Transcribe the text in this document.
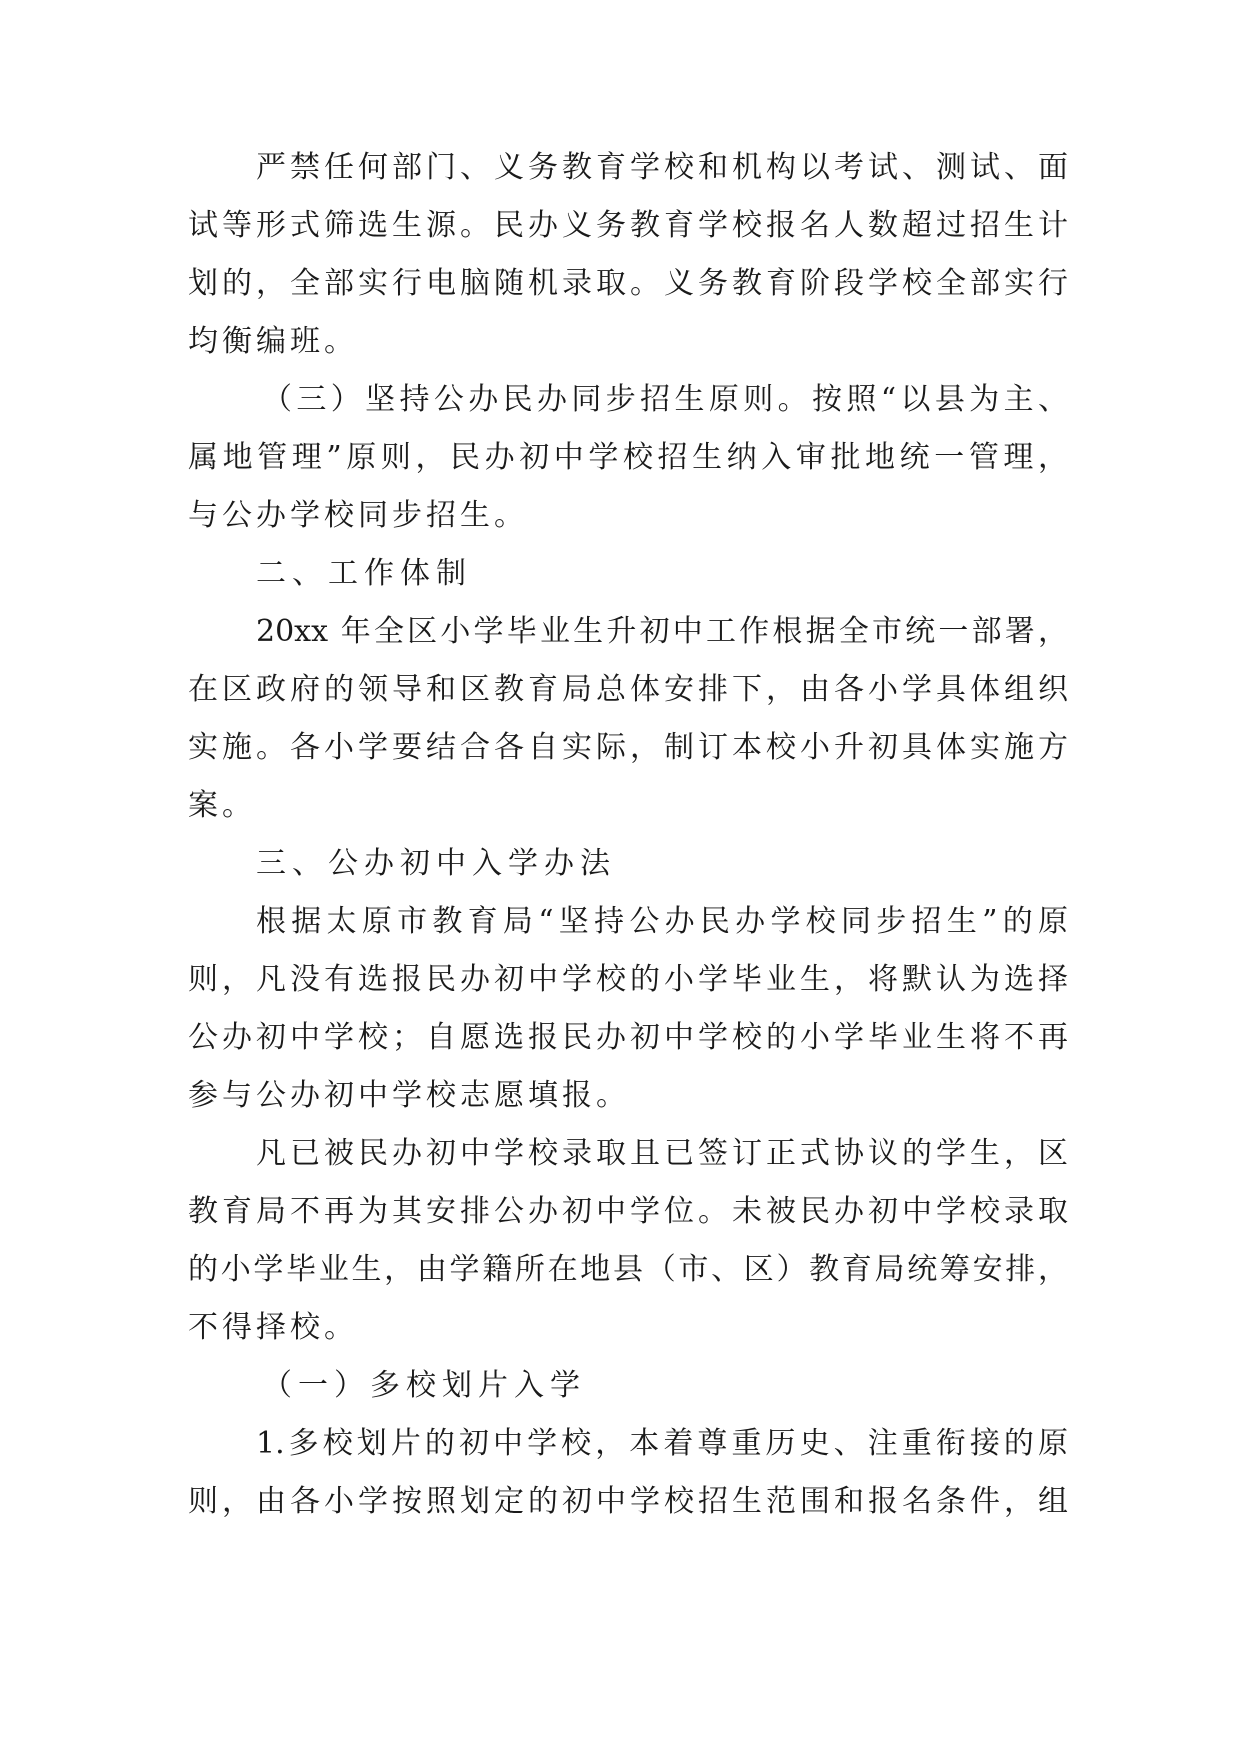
严禁任何部门、义务教育学校和机构以考试、测试、面
试等形式筛选生源。民办义务教育学校报名人数超过招生计
划的，全部实行电脑随机录取。义务教育阶段学校全部实行
均衡编班。
（三）坚持公办民办同步招生原则。按照“以县为主、
属地管理”原则，民办初中学校招生纳入审批地统一管理，
与公办学校同步招生。
二、工作体制
20xx 年全区小学毕业生升初中工作根据全市统一部署，
在区政府的领导和区教育局总体安排下，由各小学具体组织
实施。各小学要结合各自实际，制订本校小升初具体实施方
案。
三、公办初中入学办法
根据太原市教育局“坚持公办民办学校同步招生”的原
则，凡没有选报民办初中学校的小学毕业生，将默认为选择
公办初中学校；自愿选报民办初中学校的小学毕业生将不再
参与公办初中学校志愿填报。
凡已被民办初中学校录取且已签订正式协议的学生，区
教育局不再为其安排公办初中学位。未被民办初中学校录取
的小学毕业生，由学籍所在地县（市、区）教育局统筹安排，
不得择校。
（一）多校划片入学
1.多校划片的初中学校，本着尊重历史、注重衔接的原
则，由各小学按照划定的初中学校招生范围和报名条件，组
